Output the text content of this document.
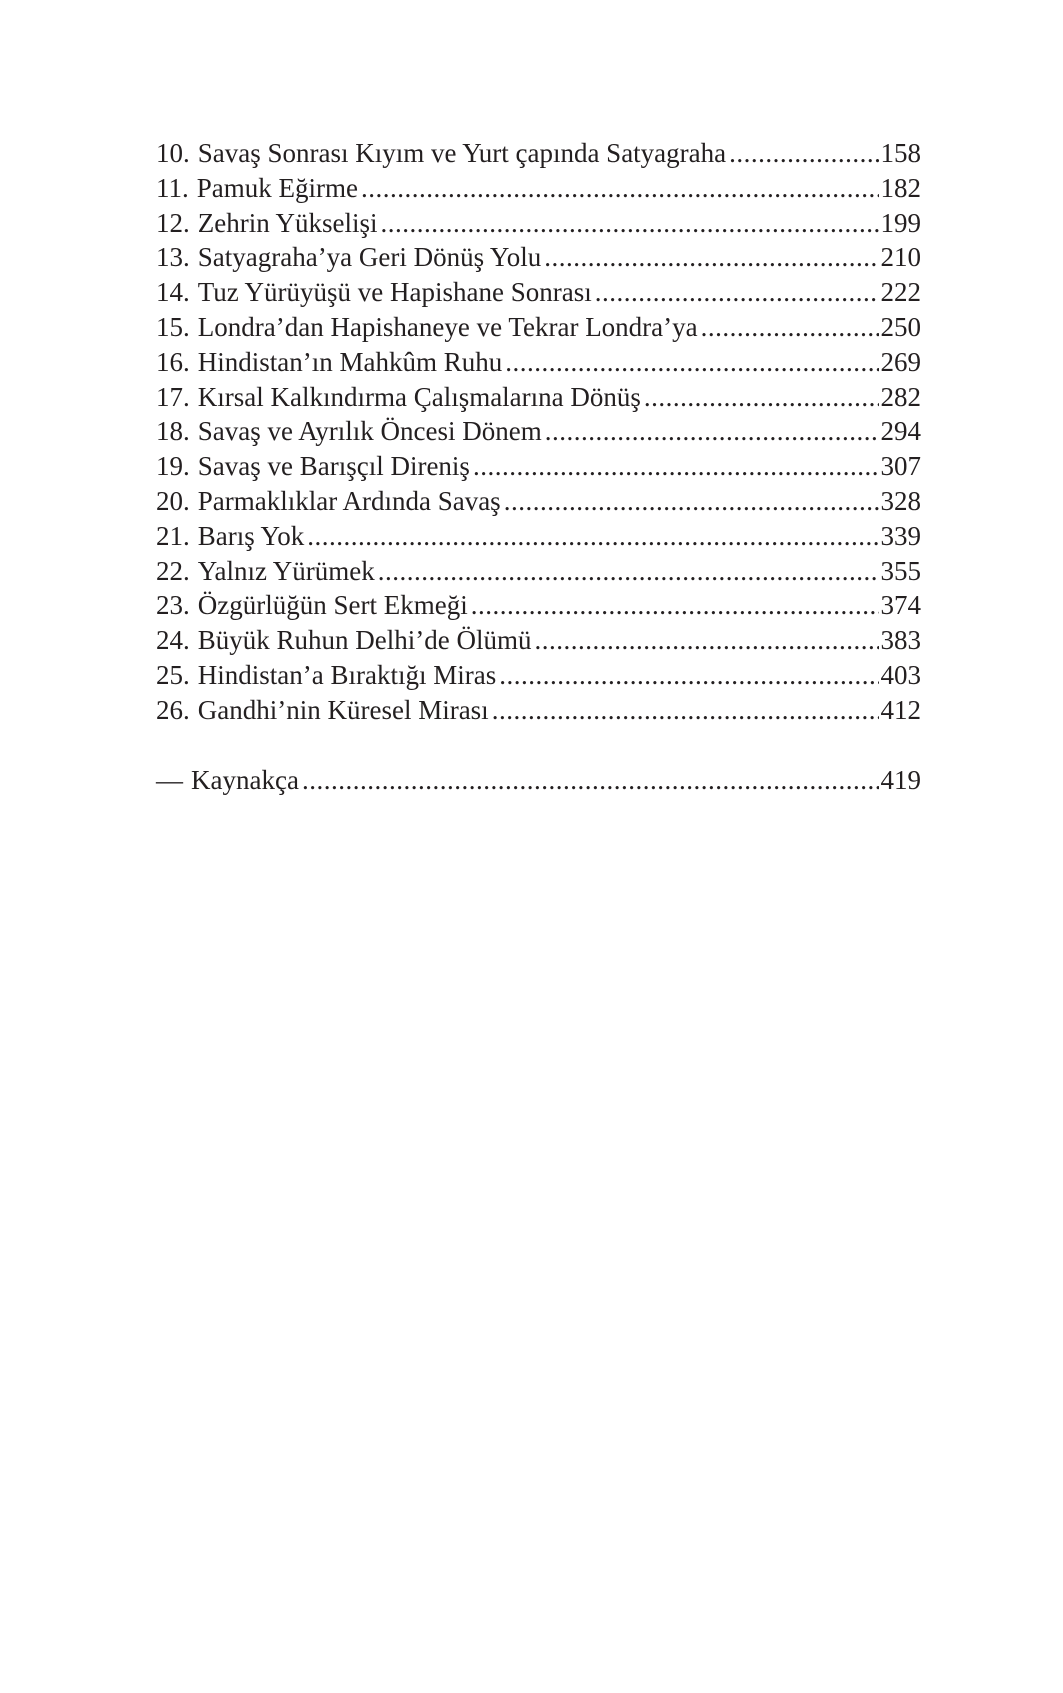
10. Savaş Sonrası Kıyım ve Yurt çapında Satyagraha .....	158
11. Pamuk Eğirme .....	182
12. Zehrin Yükselişi .....	199
13. Satyagraha’ya Geri Dönüş Yolu .....	210
14. Tuz Yürüyüşü ve Hapishane Sonrası .....	222
15. Londra’dan Hapishaneye ve Tekrar Londra’ya .....	250
16. Hindistan’ın Mahkûm Ruhu .....	269
17. Kırsal Kalkındırma Çalışmalarına Dönüş .....	282
18. Savaş ve Ayrılık Öncesi Dönem .....	294
19. Savaş ve Barışçıl Direniş .....	307
20. Parmaklıklar Ardında Savaş .....	328
21. Barış Yok .....	339
22. Yalnız Yürümek .....	355
23. Özgürlüğün Sert Ekmeği .....	374
24. Büyük Ruhun Delhi’de Ölümü .....	383
25. Hindistan’a Bıraktığı Miras .....	403
26. Gandhi’nin Küresel Mirası .....	412
— Kaynakça .....	419
